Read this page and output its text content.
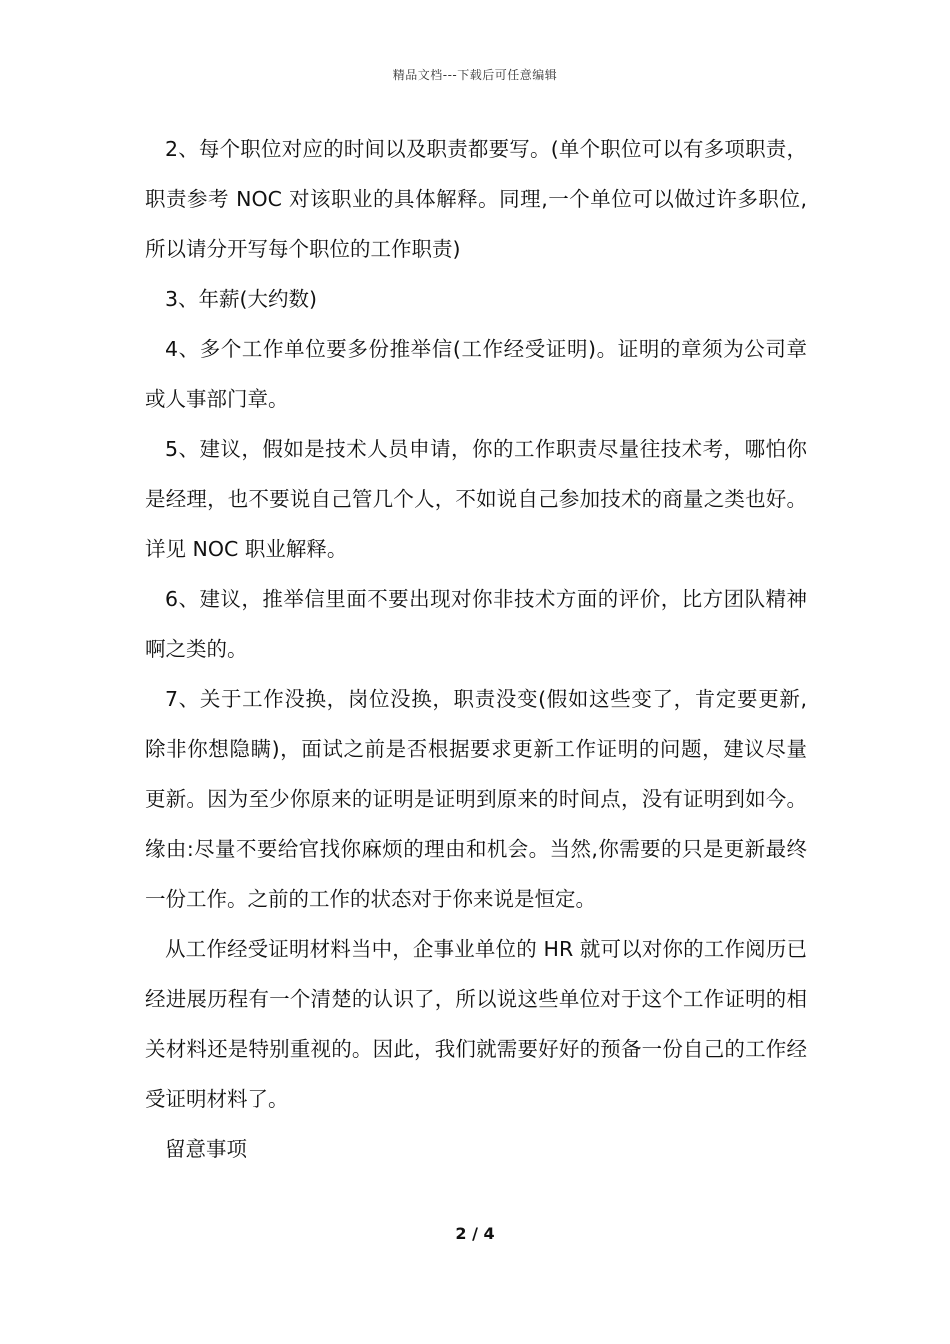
精品文档---下载后可任意编辑

2、每个职位对应的时间以及职责都要写。(单个职位可以有多项职责，职责参考 NOC 对该职业的具体解释。同理,一个单位可以做过许多职位,所以请分开写每个职位的工作职责)

3、年薪(大约数)

4、多个工作单位要多份推举信(工作经受证明)。证明的章须为公司章或人事部门章。

5、建议，假如是技术人员申请，你的工作职责尽量往技术考，哪怕你是经理，也不要说自己管几个人，不如说自己参加技术的商量之类也好。详见 NOC 职业解释。

6、建议，推举信里面不要出现对你非技术方面的评价，比方团队精神啊之类的。

7、关于工作没换，岗位没换，职责没变(假如这些变了，肯定要更新,除非你想隐瞒)，面试之前是否根据要求更新工作证明的问题，建议尽量更新。因为至少你原来的证明是证明到原来的时间点，没有证明到如今。缘由:尽量不要给官找你麻烦的理由和机会。当然,你需要的只是更新最终一份工作。之前的工作的状态对于你来说是恒定。

从工作经受证明材料当中，企事业单位的 HR 就可以对你的工作阅历已经进展历程有一个清楚的认识了，所以说这些单位对于这个工作证明的相关材料还是特别重视的。因此，我们就需要好好的预备一份自己的工作经受证明材料了。

留意事项

2 / 4
